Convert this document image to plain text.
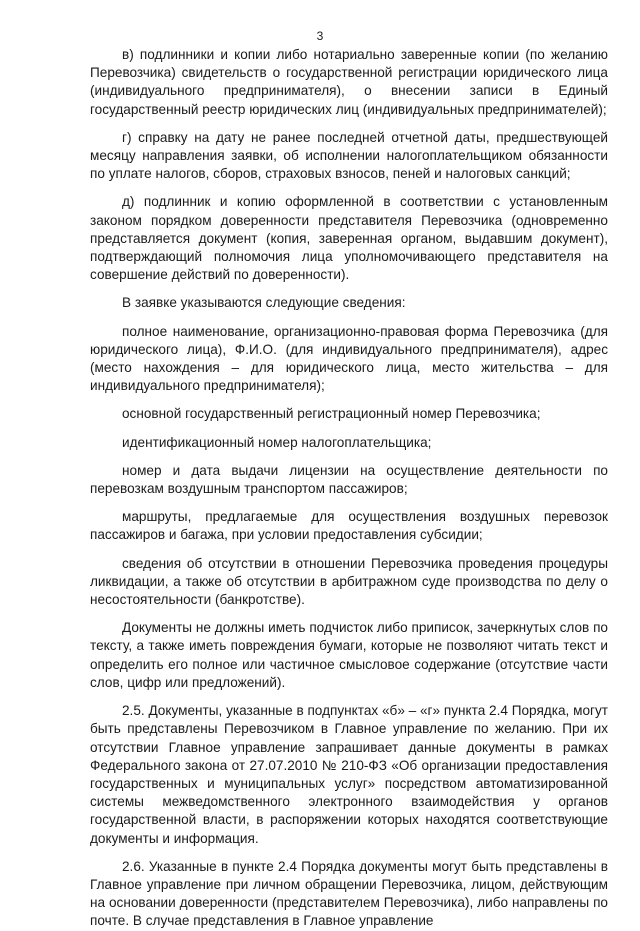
3

в) подлинники и копии либо нотариально заверенные копии (по желанию Перевозчика) свидетельств о государственной регистрации юридического лица (индивидуального предпринимателя), о внесении записи в Единый государственный реестр юридических лиц (индивидуальных предпринимателей);

г) справку на дату не ранее последней отчетной даты, предшествующей месяцу направления заявки, об исполнении налогоплательщиком обязанности по уплате налогов, сборов, страховых взносов, пеней и налоговых санкций;

д) подлинник и копию оформленной в соответствии с установленным законом порядком доверенности представителя Перевозчика (одновременно представляется документ (копия, заверенная органом, выдавшим документ), подтверждающий полномочия лица уполномочивающего представителя на совершение действий по доверенности).

В заявке указываются следующие сведения:

полное наименование, организационно-правовая форма Перевозчика (для юридического лица), Ф.И.О. (для индивидуального предпринимателя), адрес (место нахождения – для юридического лица, место жительства – для индивидуального предпринимателя);

основной государственный регистрационный номер Перевозчика;

идентификационный номер налогоплательщика;

номер и дата выдачи лицензии на осуществление деятельности по перевозкам воздушным транспортом пассажиров;

маршруты, предлагаемые для осуществления воздушных перевозок пассажиров и багажа, при условии предоставления субсидии;

сведения об отсутствии в отношении Перевозчика проведения процедуры ликвидации, а также об отсутствии в арбитражном суде производства по делу о несостоятельности (банкротстве).

Документы не должны иметь подчисток либо приписок, зачеркнутых слов по тексту, а также иметь повреждения бумаги, которые не позволяют читать текст и определить его полное или частичное смысловое содержание (отсутствие части слов, цифр или предложений).

2.5. Документы, указанные в подпунктах «б» – «г» пункта 2.4 Порядка, могут быть представлены Перевозчиком в Главное управление по желанию. При их отсутствии Главное управление запрашивает данные документы в рамках Федерального закона от 27.07.2010 № 210-ФЗ «Об организации предоставления государственных и муниципальных услуг» посредством автоматизированной системы межведомственного электронного взаимодействия у органов государственной власти, в распоряжении которых находятся соответствующие документы и информация.

2.6. Указанные в пункте 2.4 Порядка документы могут быть представлены в Главное управление при личном обращении Перевозчика, лицом, действующим на основании доверенности (представителем Перевозчика), либо направлены по почте. В случае представления в Главное управление
